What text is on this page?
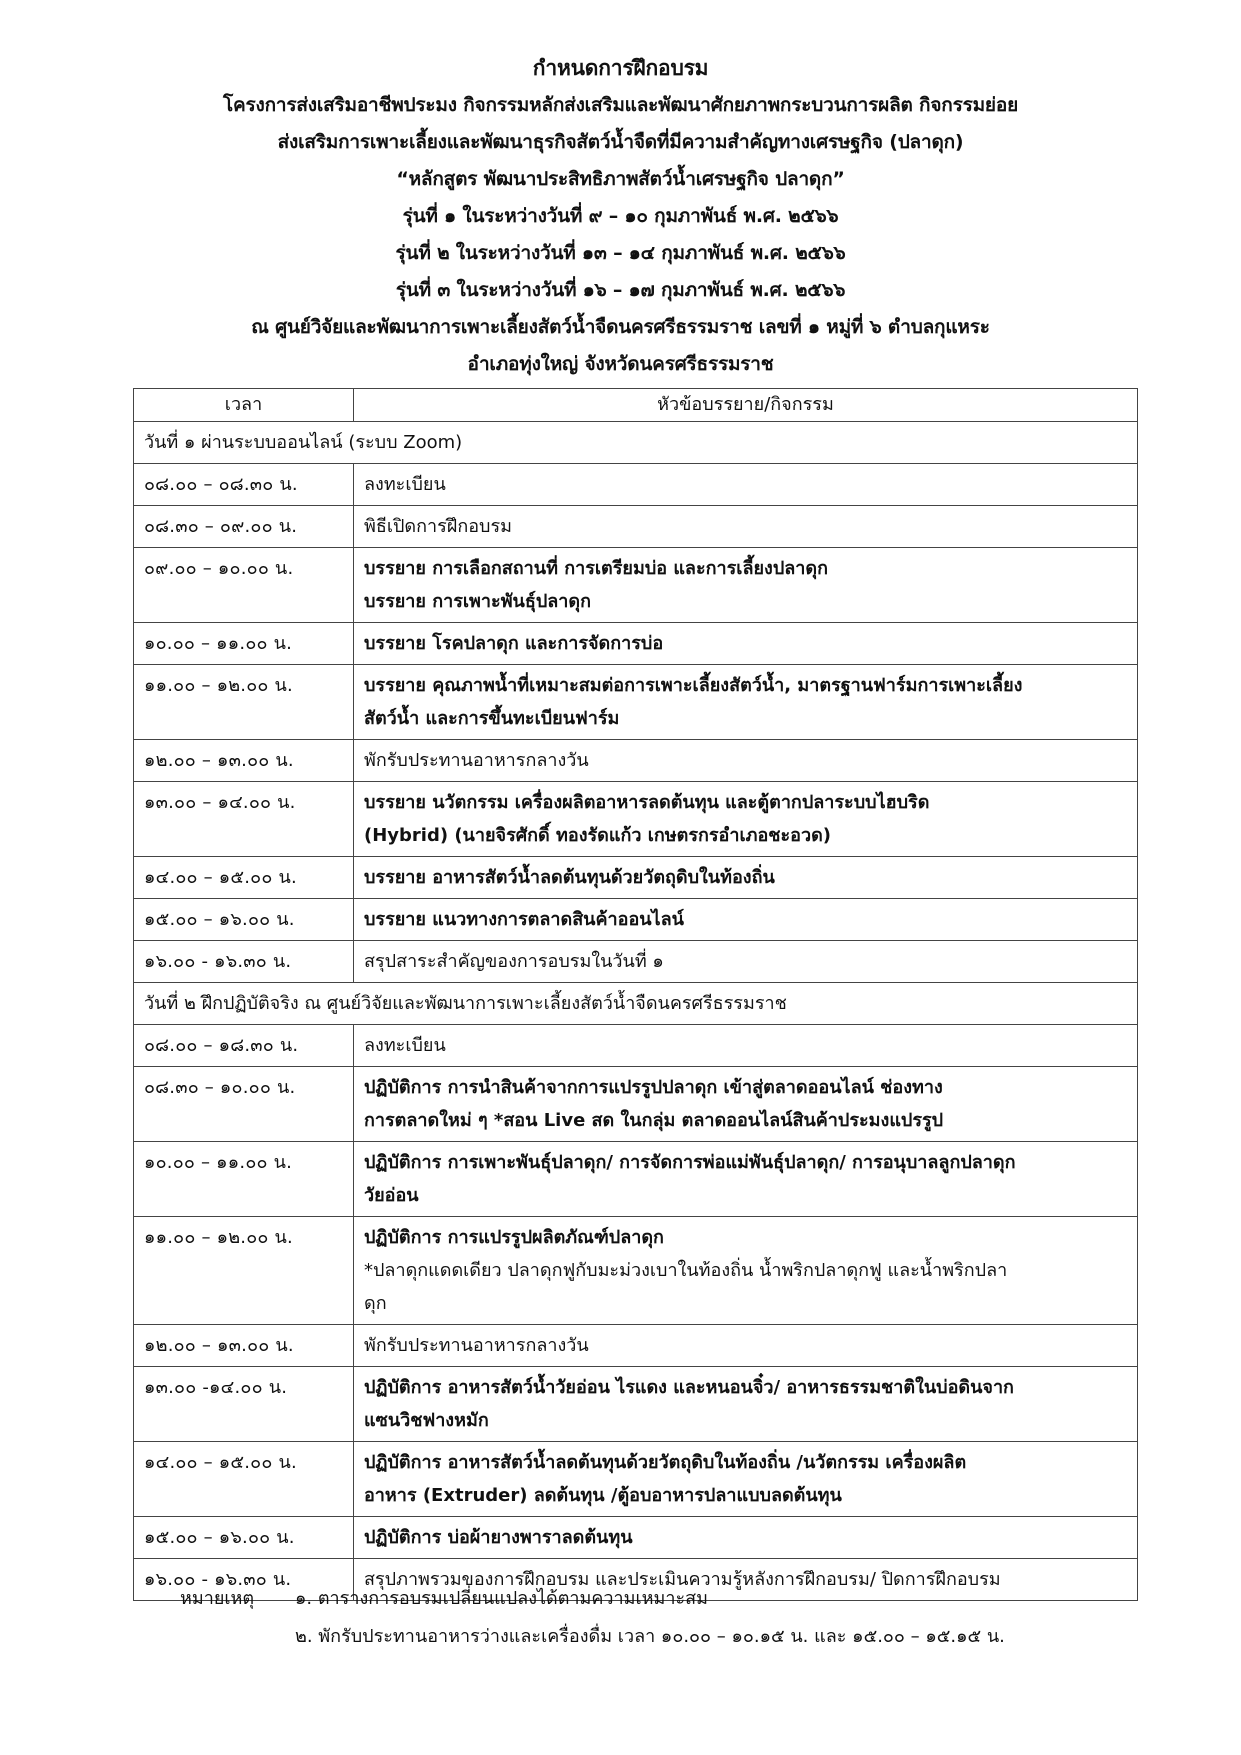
กำหนดการฝึกอบรม
โครงการส่งเสริมอาชีพประมง กิจกรรมหลักส่งเสริมและพัฒนาศักยภาพกระบวนการผลิต กิจกรรมย่อย
ส่งเสริมการเพาะเลี้ยงและพัฒนาธุรกิจสัตว์น้ำจืดที่มีความสำคัญทางเศรษฐกิจ (ปลาดุก)
“หลักสูตร พัฒนาประสิทธิภาพสัตว์น้ำเศรษฐกิจ ปลาดุก”
รุ่นที่ ๑ ในระหว่างวันที่ ๙ – ๑๐ กุมภาพันธ์ พ.ศ. ๒๕๖๖
รุ่นที่ ๒ ในระหว่างวันที่ ๑๓ – ๑๔ กุมภาพันธ์ พ.ศ. ๒๕๖๖
รุ่นที่ ๓ ในระหว่างวันที่ ๑๖ – ๑๗ กุมภาพันธ์ พ.ศ. ๒๕๖๖
ณ ศูนย์วิจัยและพัฒนาการเพาะเลี้ยงสัตว์น้ำจืดนครศรีธรรมราช เลขที่ ๑ หมู่ที่ ๖ ตำบลกุแหระ
อำเภอทุ่งใหญ่ จังหวัดนครศรีธรรมราช
เวลา	หัวข้อบรรยาย/กิจกรรม
วันที่ ๑ ผ่านระบบออนไลน์ (ระบบ Zoom)	
๐๘.๐๐ – ๐๘.๓๐ น.	ลงทะเบียน

๐๘.๓๐ – ๐๙.๐๐ น.	พิธีเปิดการฝึกอบรม

๐๙.๐๐ – ๑๐.๐๐ น.	บรรยาย การเลือกสถานที่ การเตรียมบ่อ และการเลี้ยงปลาดุก
บรรยาย การเพาะพันธุ์ปลาดุก

๑๐.๐๐ – ๑๑.๐๐ น.	บรรยาย โรคปลาดุก และการจัดการบ่อ

๑๑.๐๐ – ๑๒.๐๐ น.	บรรยาย คุณภาพน้ำที่เหมาะสมต่อการเพาะเลี้ยงสัตว์น้ำ, มาตรฐานฟาร์มการเพาะเลี้ยง
สัตว์น้ำ และการขึ้นทะเบียนฟาร์ม

๑๒.๐๐ – ๑๓.๐๐ น.	พักรับประทานอาหารกลางวัน

๑๓.๐๐ – ๑๔.๐๐ น.	บรรยาย นวัตกรรม เครื่องผลิตอาหารลดต้นทุน และตู้ตากปลาระบบไฮบริด
(Hybrid) (นายจิรศักดิ์ ทองรัดแก้ว เกษตรกรอำเภอชะอวด)

๑๔.๐๐ – ๑๕.๐๐ น.	บรรยาย อาหารสัตว์น้ำลดต้นทุนด้วยวัตถุดิบในท้องถิ่น

๑๕.๐๐ – ๑๖.๐๐ น.	บรรยาย แนวทางการตลาดสินค้าออนไลน์

๑๖.๐๐ - ๑๖.๓๐ น.	สรุปสาระสำคัญของการอบรมในวันที่ ๑

วันที่ ๒ ฝึกปฏิบัติจริง ณ ศูนย์วิจัยและพัฒนาการเพาะเลี้ยงสัตว์น้ำจืดนครศรีธรรมราช	
๐๘.๐๐ – ๑๘.๓๐ น.	ลงทะเบียน

๐๘.๓๐ – ๑๐.๐๐ น.	ปฏิบัติการ การนำสินค้าจากการแปรรูปปลาดุก เข้าสู่ตลาดออนไลน์ ช่องทาง
การตลาดใหม่ ๆ *สอน Live สด ในกลุ่ม ตลาดออนไลน์สินค้าประมงแปรรูป

๑๐.๐๐ – ๑๑.๐๐ น.	ปฏิบัติการ การเพาะพันธุ์ปลาดุก/ การจัดการพ่อแม่พันธุ์ปลาดุก/ การอนุบาลลูกปลาดุก
วัยอ่อน

๑๑.๐๐ – ๑๒.๐๐ น.	ปฏิบัติการ การแปรรูปผลิตภัณฑ์ปลาดุก
*ปลาดุกแดดเดียว ปลาดุกฟูกับมะม่วงเบาในท้องถิ่น น้ำพริกปลาดุกฟู และน้ำพริกปลา
ดุก

๑๒.๐๐ – ๑๓.๐๐ น.	พักรับประทานอาหารกลางวัน

๑๓.๐๐ -๑๔.๐๐ น.	ปฏิบัติการ อาหารสัตว์น้ำวัยอ่อน ไรแดง และหนอนจิ๋ว/ อาหารธรรมชาติในบ่อดินจาก
แซนวิชฟางหมัก

๑๔.๐๐ – ๑๕.๐๐ น.	ปฏิบัติการ อาหารสัตว์น้ำลดต้นทุนด้วยวัตถุดิบในท้องถิ่น /นวัตกรรม เครื่องผลิต
อาหาร (Extruder) ลดต้นทุน /ตู้อบอาหารปลาแบบลดต้นทุน

๑๕.๐๐ – ๑๖.๐๐ น.	ปฏิบัติการ บ่อผ้ายางพาราลดต้นทุน

๑๖.๐๐ - ๑๖.๓๐ น.	สรุปภาพรวมของการฝึกอบรม และประเมินความรู้หลังการฝึกอบรม/ ปิดการฝึกอบรม
หมายเหตุ ๑. ตารางการอบรมเปลี่ยนแปลงได้ตามความเหมาะสม
๒. พักรับประทานอาหารว่างและเครื่องดื่ม เวลา ๑๐.๐๐ – ๑๐.๑๕ น. และ ๑๕.๐๐ – ๑๕.๑๕ น.
